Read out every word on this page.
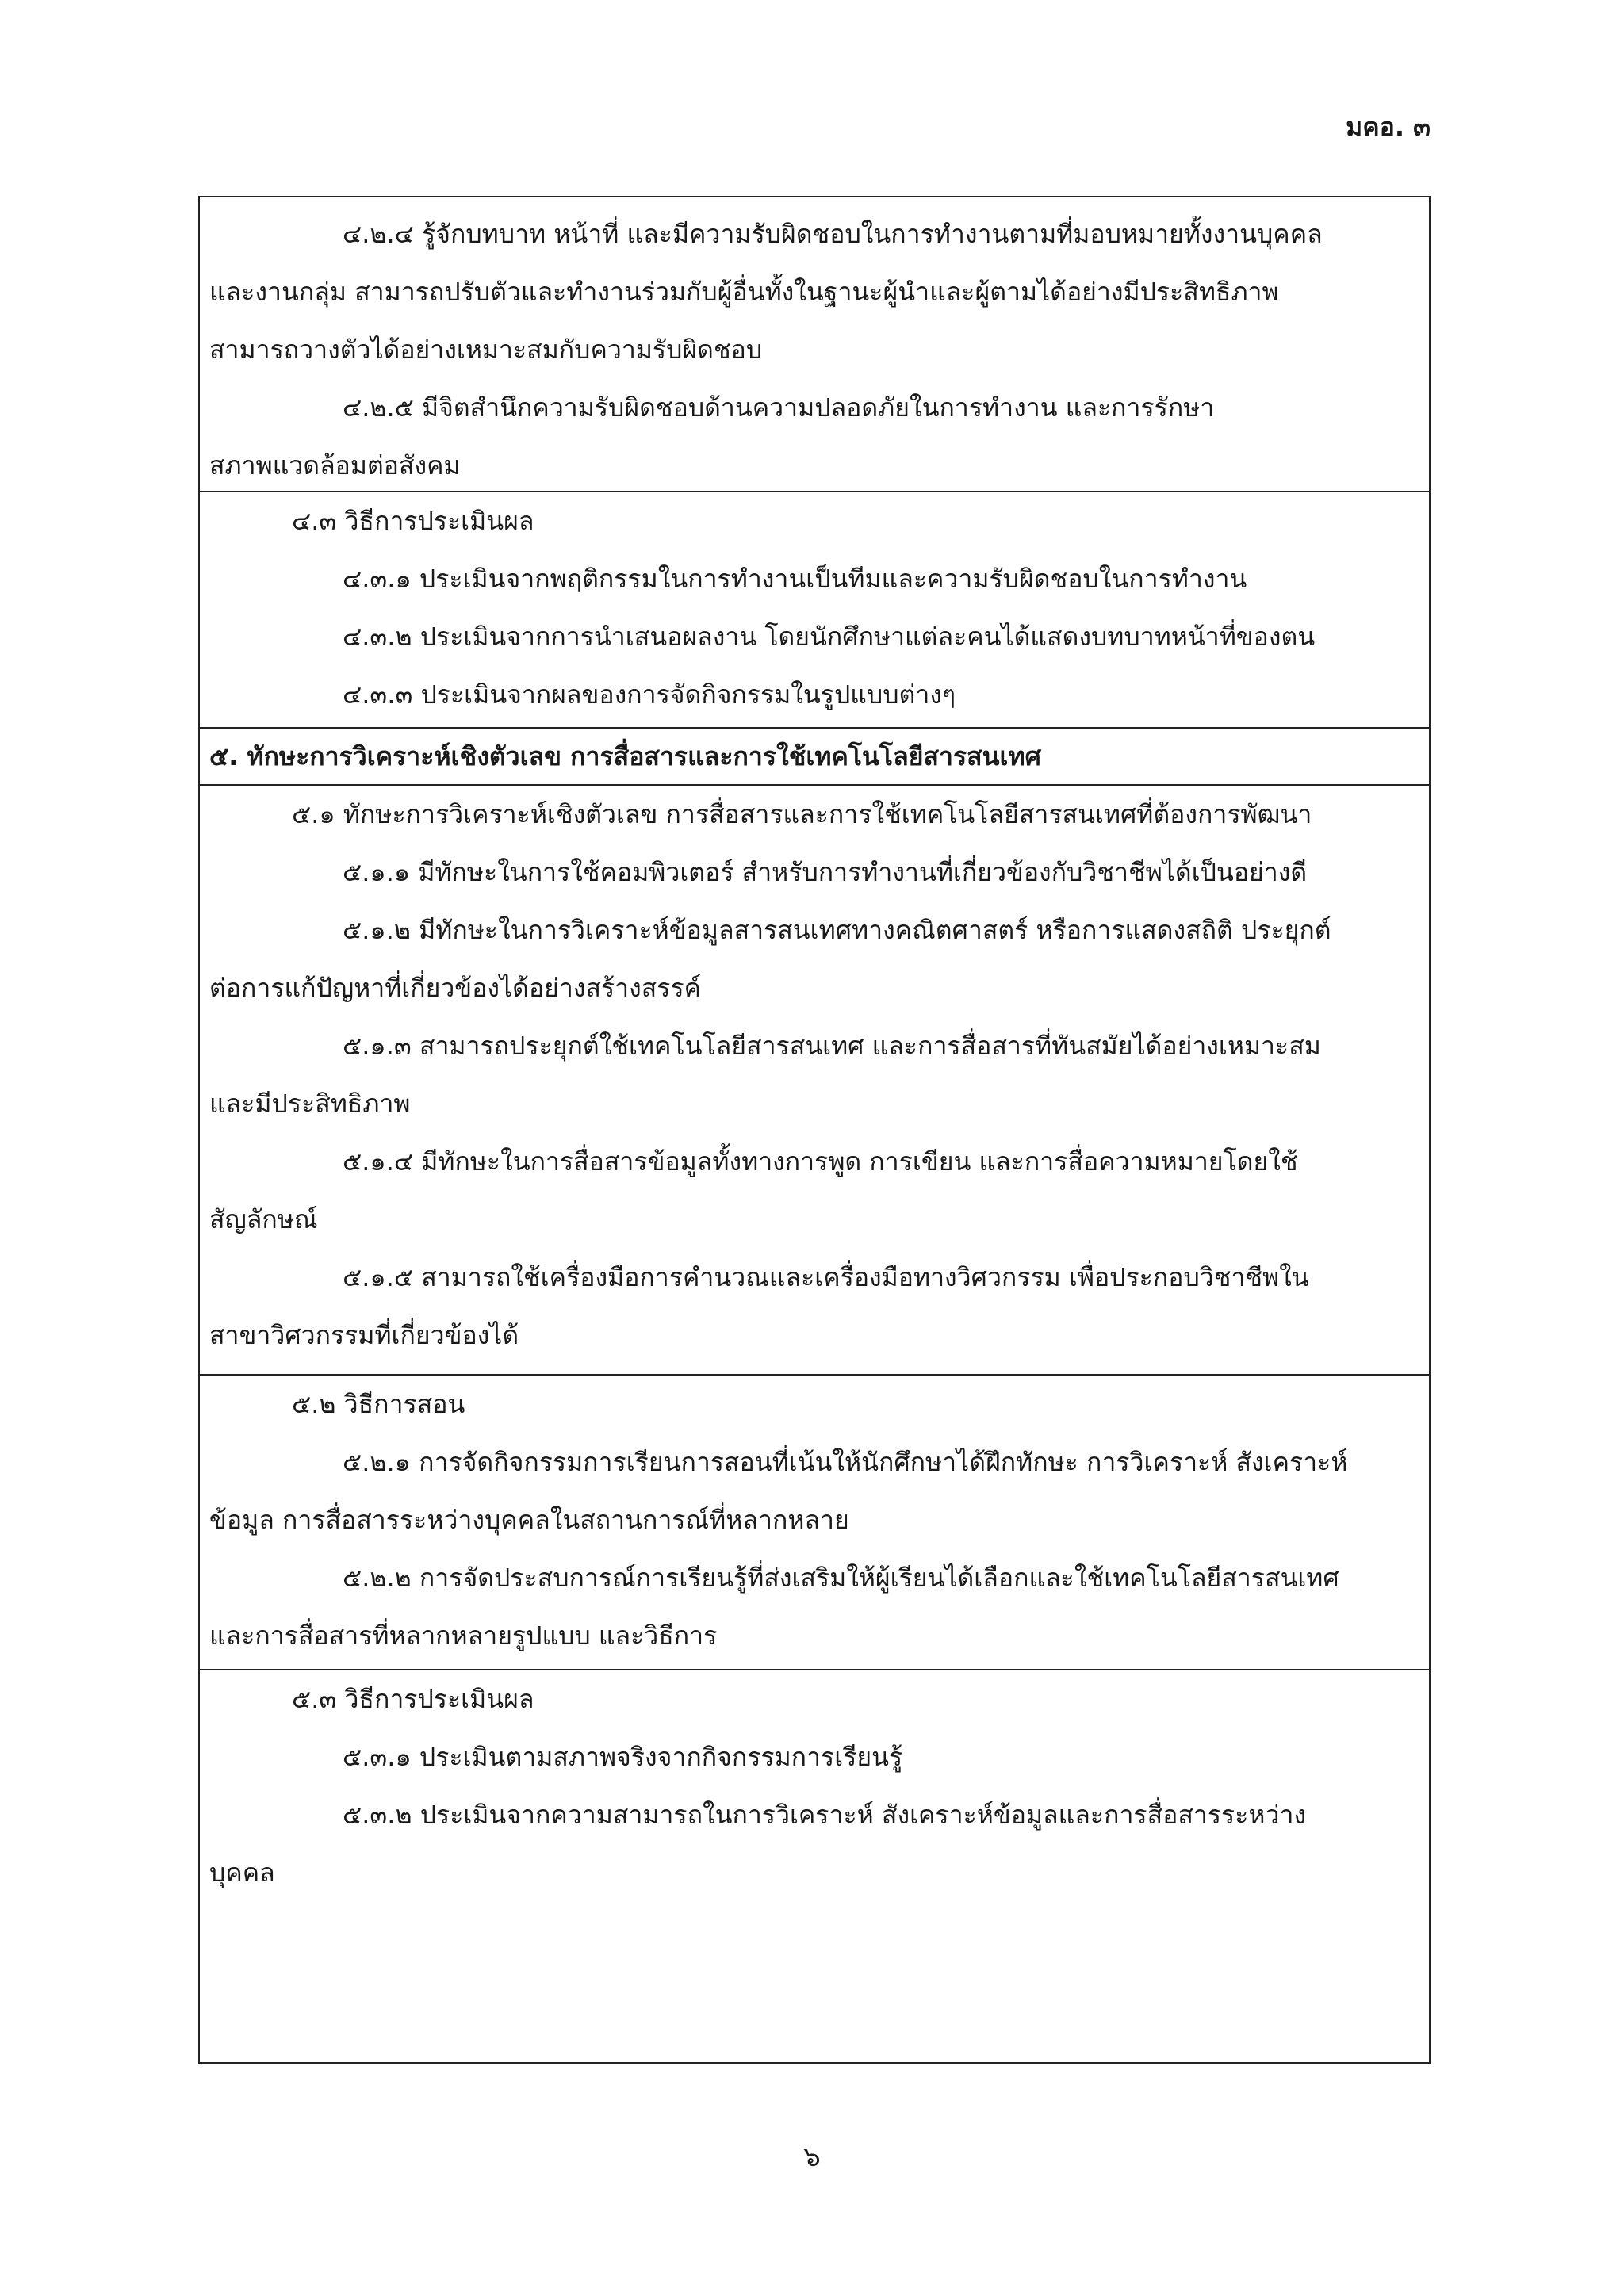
มคอ. ๓
๔.๒.๔ รู้จักบทบาท หน้าที่ และมีความรับผิดชอบในการทำงานตามที่มอบหมายทั้งงานบุคคล
และงานกลุ่ม สามารถปรับตัวและทำงานร่วมกับผู้อื่นทั้งในฐานะผู้นำและผู้ตามได้อย่างมีประสิทธิภาพ
สามารถวางตัวได้อย่างเหมาะสมกับความรับผิดชอบ
๔.๒.๕ มีจิตสำนึกความรับผิดชอบด้านความปลอดภัยในการทำงาน และการรักษา
สภาพแวดล้อมต่อสังคม
๔.๓ วิธีการประเมินผล
๔.๓.๑ ประเมินจากพฤติกรรมในการทำงานเป็นทีมและความรับผิดชอบในการทำงาน
๔.๓.๒ ประเมินจากการนำเสนอผลงาน โดยนักศึกษาแต่ละคนได้แสดงบทบาทหน้าที่ของตน
๔.๓.๓ ประเมินจากผลของการจัดกิจกรรมในรูปแบบต่างๆ
๕. ทักษะการวิเคราะห์เชิงตัวเลข การสื่อสารและการใช้เทคโนโลยีสารสนเทศ
๕.๑ ทักษะการวิเคราะห์เชิงตัวเลข การสื่อสารและการใช้เทคโนโลยีสารสนเทศที่ต้องการพัฒนา
๕.๑.๑ มีทักษะในการใช้คอมพิวเตอร์ สำหรับการทำงานที่เกี่ยวข้องกับวิชาชีพได้เป็นอย่างดี
๕.๑.๒ มีทักษะในการวิเคราะห์ข้อมูลสารสนเทศทางคณิตศาสตร์ หรือการแสดงสถิติ ประยุกต์
ต่อการแก้ปัญหาที่เกี่ยวข้องได้อย่างสร้างสรรค์
๕.๑.๓ สามารถประยุกต์ใช้เทคโนโลยีสารสนเทศ และการสื่อสารที่ทันสมัยได้อย่างเหมาะสม
และมีประสิทธิภาพ
๕.๑.๔ มีทักษะในการสื่อสารข้อมูลทั้งทางการพูด การเขียน และการสื่อความหมายโดยใช้
สัญลักษณ์
๕.๑.๕ สามารถใช้เครื่องมือการคำนวณและเครื่องมือทางวิศวกรรม เพื่อประกอบวิชาชีพใน
สาขาวิศวกรรมที่เกี่ยวข้องได้
๕.๒ วิธีการสอน
๕.๒.๑ การจัดกิจกรรมการเรียนการสอนที่เน้นให้นักศึกษาได้ฝึกทักษะ การวิเคราะห์ สังเคราะห์
ข้อมูล การสื่อสารระหว่างบุคคลในสถานการณ์ที่หลากหลาย
๕.๒.๒ การจัดประสบการณ์การเรียนรู้ที่ส่งเสริมให้ผู้เรียนได้เลือกและใช้เทคโนโลยีสารสนเทศ
และการสื่อสารที่หลากหลายรูปแบบ และวิธีการ
๕.๓ วิธีการประเมินผล
๕.๓.๑ ประเมินตามสภาพจริงจากกิจกรรมการเรียนรู้
๕.๓.๒ ประเมินจากความสามารถในการวิเคราะห์ สังเคราะห์ข้อมูลและการสื่อสารระหว่าง
บุคคล
๖
